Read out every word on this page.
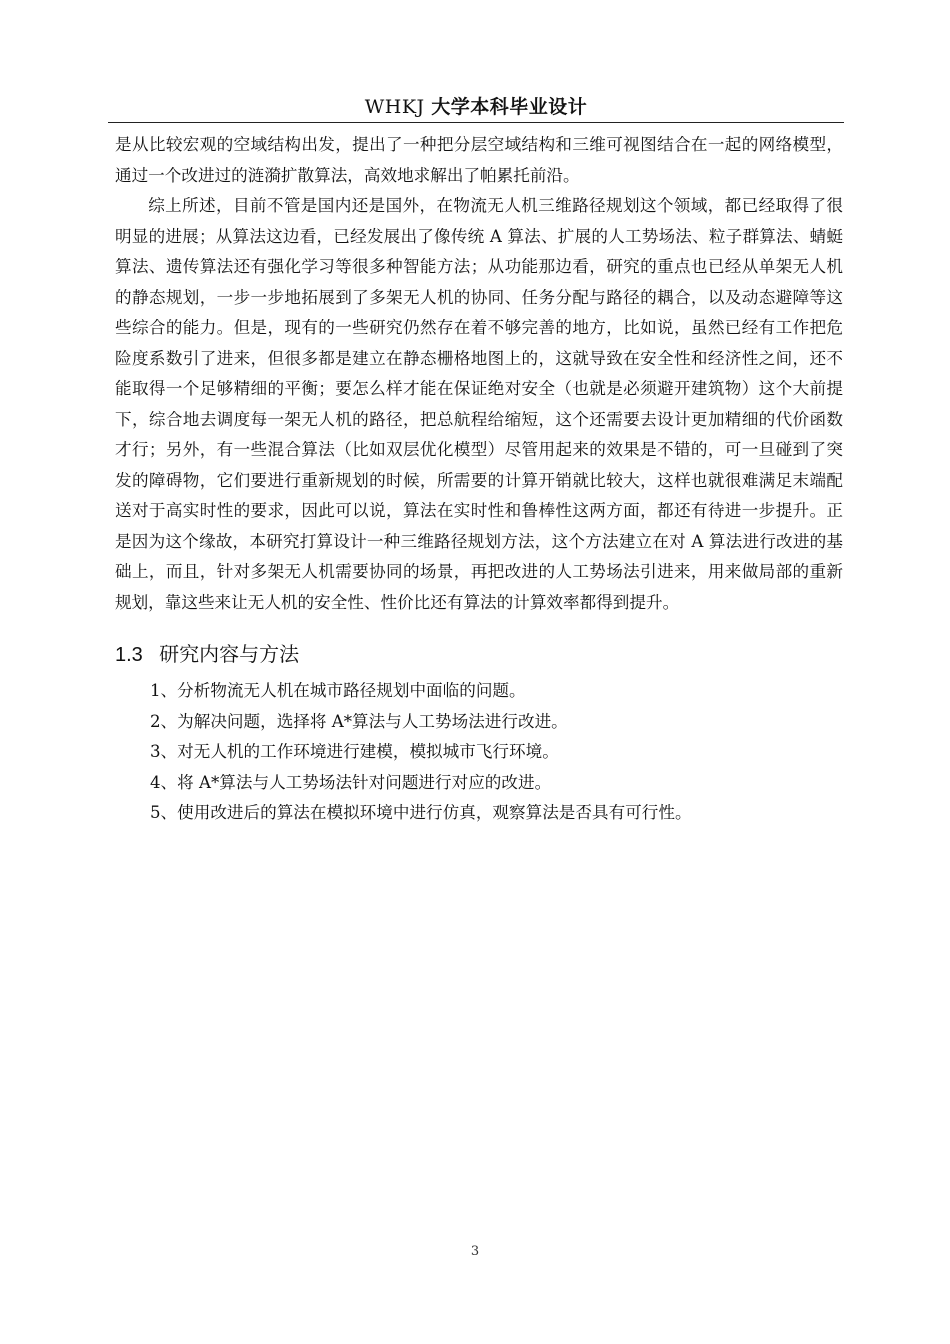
WHKJ 大学本科毕业设计

是从比较宏观的空域结构出发，提出了一种把分层空域结构和三维可视图结合在一起的网络模型，通过一个改进过的涟漪扩散算法，高效地求解出了帕累托前沿。

综上所述，目前不管是国内还是国外，在物流无人机三维路径规划这个领域，都已经取得了很明显的进展；从算法这边看，已经发展出了像传统 A 算法、扩展的人工势场法、粒子群算法、蜻蜓算法、遗传算法还有强化学习等很多种智能方法；从功能那边看，研究的重点也已经从单架无人机的静态规划，一步一步地拓展到了多架无人机的协同、任务分配与路径的耦合，以及动态避障等这些综合的能力。但是，现有的一些研究仍然存在着不够完善的地方，比如说，虽然已经有工作把危险度系数引了进来，但很多都是建立在静态栅格地图上的，这就导致在安全性和经济性之间，还不能取得一个足够精细的平衡；要怎么样才能在保证绝对安全（也就是必须避开建筑物）这个大前提下，综合地去调度每一架无人机的路径，把总航程给缩短，这个还需要去设计更加精细的代价函数才行；另外，有一些混合算法（比如双层优化模型）尽管用起来的效果是不错的，可一旦碰到了突发的障碍物，它们要进行重新规划的时候，所需要的计算开销就比较大，这样也就很难满足末端配送对于高实时性的要求，因此可以说，算法在实时性和鲁棒性这两方面，都还有待进一步提升。正是因为这个缘故，本研究打算设计一种三维路径规划方法，这个方法建立在对 A 算法进行改进的基础上，而且，针对多架无人机需要协同的场景，再把改进的人工势场法引进来，用来做局部的重新规划，靠这些来让无人机的安全性、性价比还有算法的计算效率都得到提升。

1.3 研究内容与方法
1、分析物流无人机在城市路径规划中面临的问题。
2、为解决问题，选择将 A*算法与人工势场法进行改进。
3、对无人机的工作环境进行建模，模拟城市飞行环境。
4、将 A*算法与人工势场法针对问题进行对应的改进。
5、使用改进后的算法在模拟环境中进行仿真，观察算法是否具有可行性。
3
